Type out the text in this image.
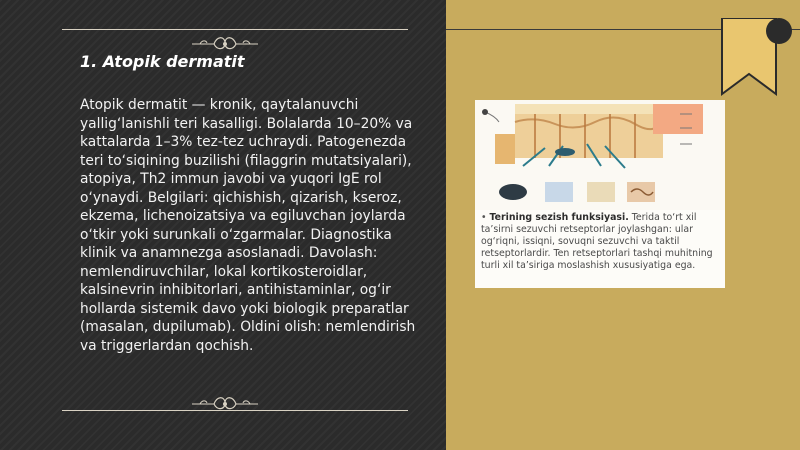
1. Atopik dermatit

Atopik dermatit — kronik, qaytalanuvchi yallig‘lanishli teri kasalligi. Bolalarda 10–20% va kattalarda 1–3% tez-tez uchraydi. Patogenezda teri to‘siqining buzilishi (filaggrin mutatsiyalari), atopiya, Th2 immun javobi va yuqori IgE rol o‘ynaydi. Belgilari: qichishish, qizarish, kseroz, ekzema, lichenoizatsiya va egiluvchan joylarda o‘tkir yoki surunkali o‘zgarmalar. Diagnostika klinik va anamnezga asoslanadi. Davolash: nemlendiruvchilar, lokal kortikosteroidlar, kalsinevrin inhibitorlari, antihistaminlar, og‘ir hollarda sistemik davo yoki biologik preparatlar (masalan, dupilumab). Oldini olish: nemlendirish va triggerlardan qochish.

• Terining sezish funksiyasi. Terida to‘rt xil ta’sirni sezuvchi retseptorlar joylashgan: ular og‘riqni, issiqni, sovuqni sezuvchi va taktil retseptorlardir. Ten retseptorlari tashqi muhitning turli xil ta’siriga moslashish xususiyatiga ega.
